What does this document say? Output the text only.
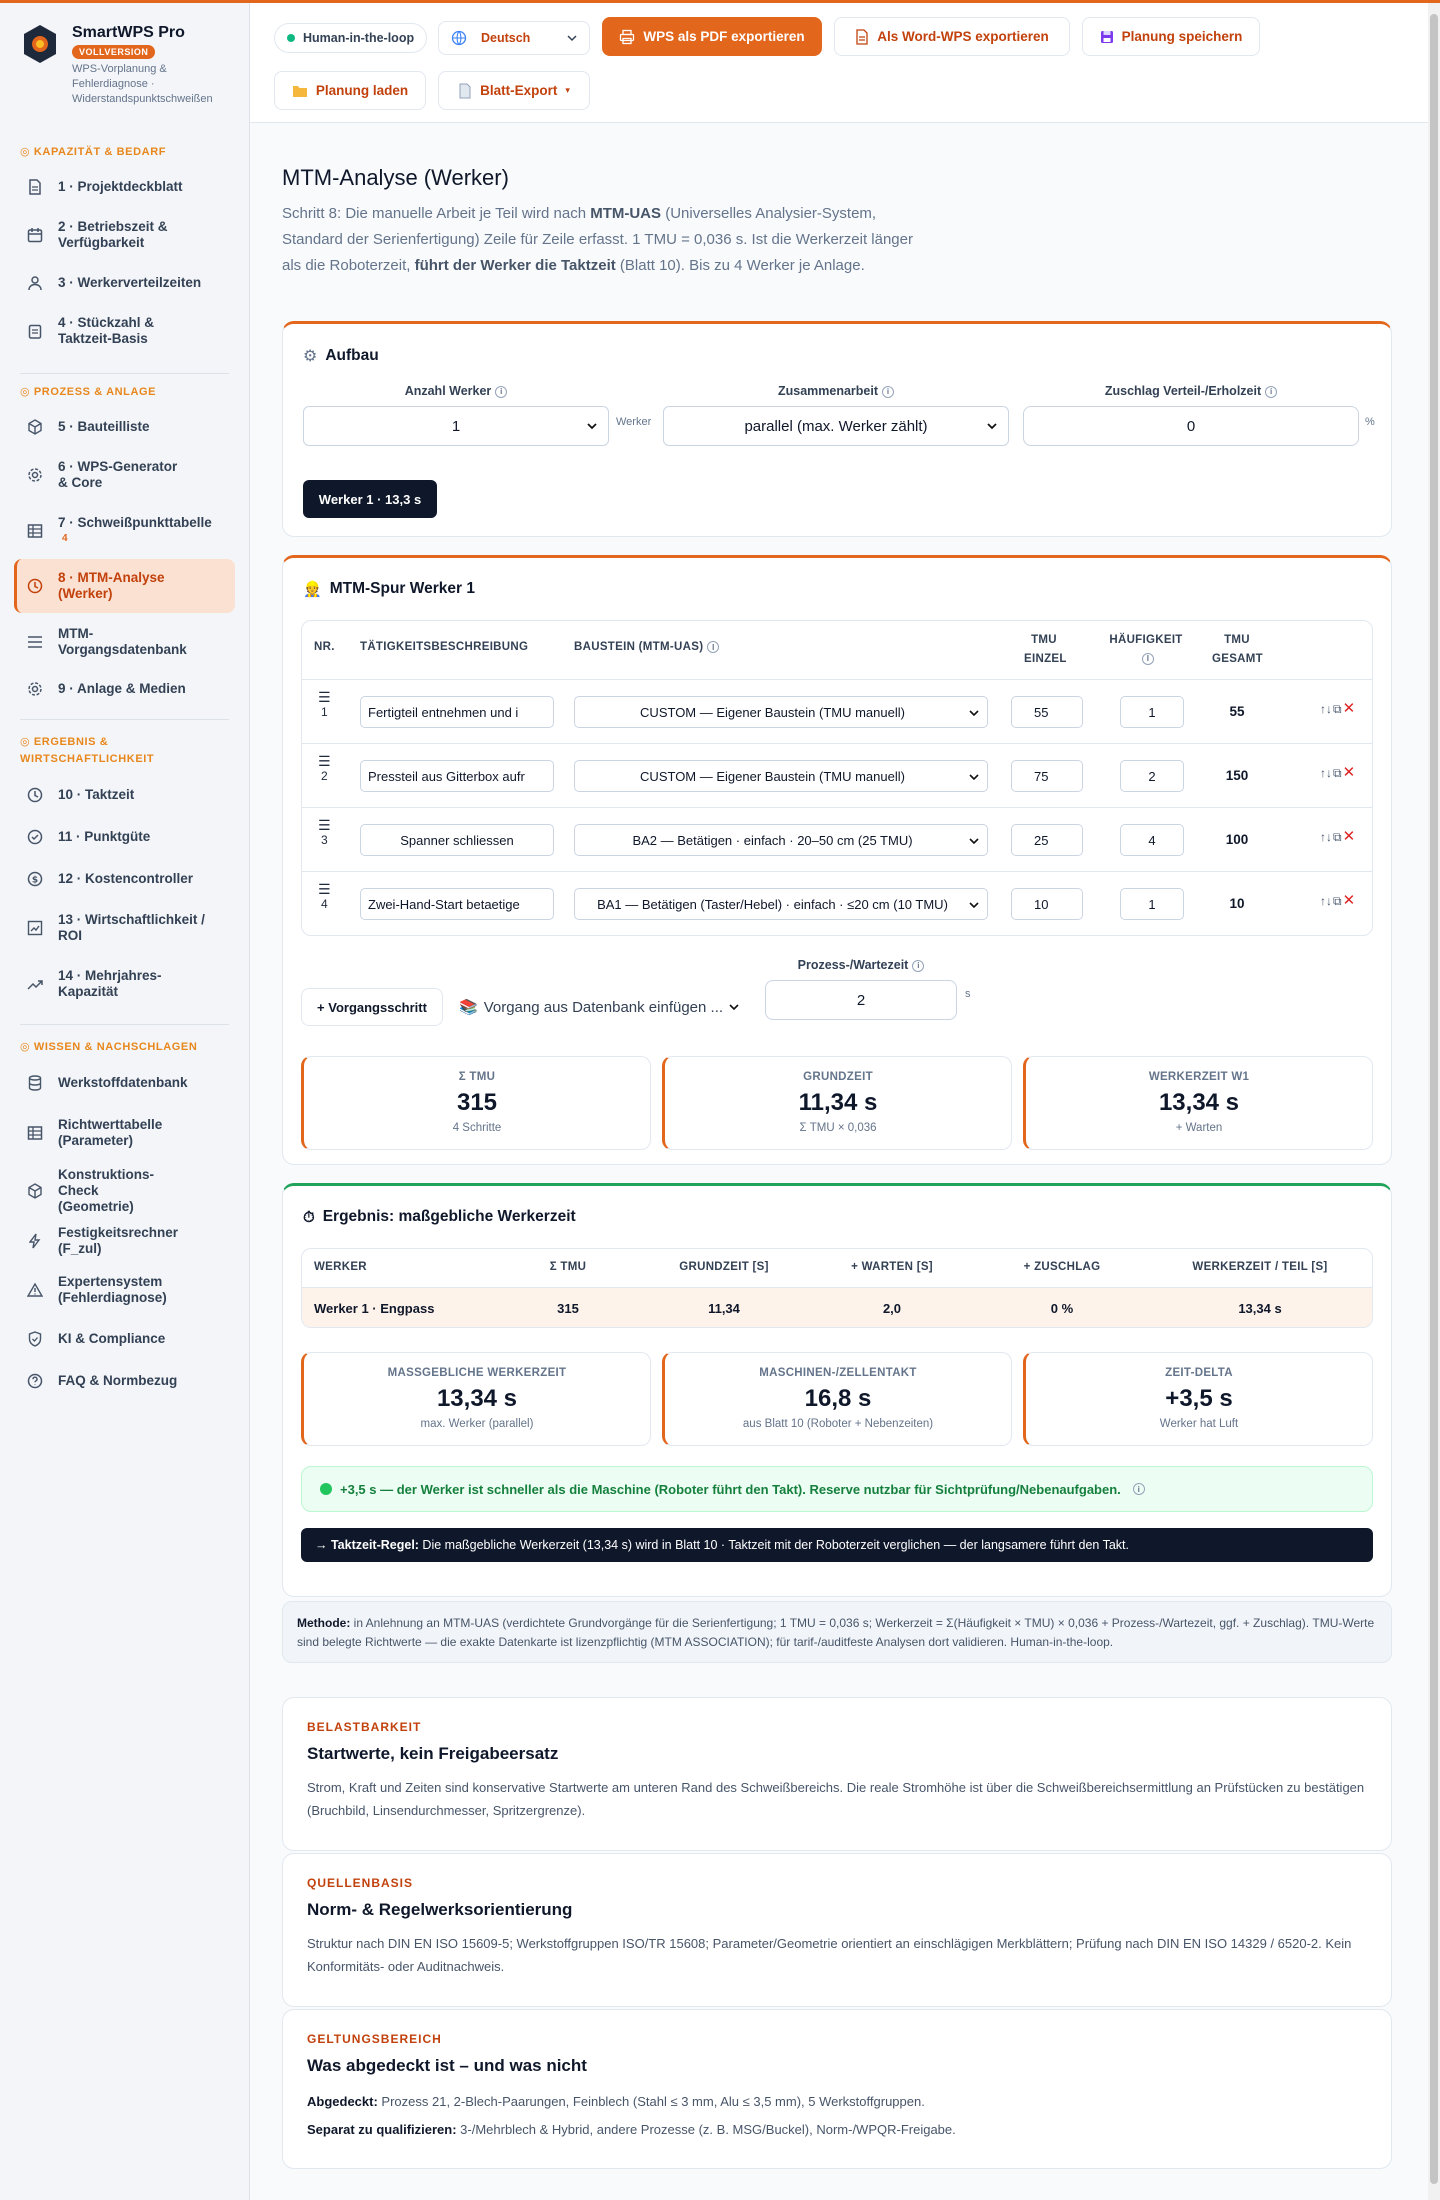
SmartWPS Pro
VOLLVERSION
WPS-Vorplanung & Fehlerdiagnose · Widerstandspunktschweißen
◎ KAPAZITÄT & BEDARF
1 · Projektdeckblatt
2 · Betriebszeit & Verfügbarkeit
3 · Werkerverteilzeiten
4 · Stückzahl & Taktzeit-Basis
◎ PROZESS & ANLAGE
5 · Bauteilliste
6 · WPS-Generator & Core
7 · Schweißpunkttabelle
4
8 · MTM-Analyse (Werker)
MTM-Vorgangsdatenbank
9 · Anlage & Medien
◎ ERGEBNIS & WIRTSCHAFTLICHKEIT
10 · Taktzeit
11 · Punktgüte
$ 12 · Kostencontroller
13 · Wirtschaftlichkeit / ROI
14 · Mehrjahres-Kapazität
◎ WISSEN & NACHSCHLAGEN
Werkstoffdatenbank
Richtwerttabelle (Parameter)
Konstruktions-Check (Geometrie)
Festigkeitsrechner (F_zul)
Expertensystem (Fehlerdiagnose)
KI & Compliance
FAQ & Normbezug
Human-in-the-loop	Deutsch	WPS als PDF exportieren	Als Word-WPS exportieren	Planung speichern
Planung laden	Blatt-Export ▾
MTM-Analyse (Werker)

Schritt 8: Die manuelle Arbeit je Teil wird nach MTM-UAS (Universelles Analysier-System, Standard der Serienfertigung) Zeile für Zeile erfasst. 1 TMU = 0,036 s. Ist die Werkerzeit länger als die Roboterzeit, führt der Werker die Taktzeit (Blatt 10). Bis zu 4 Werker je Anlage.

⚙ Aufbau
Anzahl Werker i
1	Werker
Zusammenarbeit i
parallel (max. Werker zählt)
Zuschlag Verteil-/Erholzeit i
0	%
Werker 1 · 13,3 s
👷 MTM-Spur Werker 1
NR. TÄTIGKEITSBESCHREIBUNG	BAUSTEIN (MTM-UAS) I
TMU EINZEL
HÄUFIGKEIT
I
TMU GESAMT
☰
1	Fertigteil entnehmen und i	CUSTOM — Eigener Baustein (TMU manuell)	55	1	55	↑↓ ⧉ ✕
☰
2	Pressteil aus Gitterbox aufr	CUSTOM — Eigener Baustein (TMU manuell)	75	2	150	↑↓ ⧉ ✕
☰
3	Spanner schliessen	BA2 — Betätigen · einfach · 20–50 cm (25 TMU)	25	4	100	↑↓ ⧉ ✕
☰
4	Zwei-Hand-Start betaetige	BA1 — Betätigen (Taster/Hebel) · einfach · ≤20 cm (10 TMU)	10	1	10	↑↓ ⧉ ✕
+ Vorgangsschritt	📚 Vorgang aus Datenbank einfügen ...
Prozess-/Wartezeit i
2	s
Σ TMU
315
4 Schritte
GRUNDZEIT
11,34 s
Σ TMU × 0,036
WERKERZEIT W1
13,34 s
+ Warten
⏱ Ergebnis: maßgebliche Werkerzeit
WERKER	Σ TMU	GRUNDZEIT [S]	+ WARTEN [S]	+ ZUSCHLAG	WERKERZEIT / TEIL [S]
Werker 1 · Engpass	315	11,34	2,0	0 %	13,34 s
MASSGEBLICHE WERKERZEIT
13,34 s
max. Werker (parallel)
MASCHINEN-/ZELLENTAKT
16,8 s
aus Blatt 10 (Roboter + Nebenzeiten)
ZEIT-DELTA
+3,5 s
Werker hat Luft
+3,5 s — der Werker ist schneller als die Maschine (Roboter führt den Takt). Reserve nutzbar für Sichtprüfung/Nebenaufgaben.	i
→ Taktzeit-Regel: Die maßgebliche Werkerzeit (13,34 s) wird in Blatt 10 · Taktzeit mit der Roboterzeit verglichen — der langsamere führt den Takt.
Methode: in Anlehnung an MTM-UAS (verdichtete Grundvorgänge für die Serienfertigung; 1 TMU = 0,036 s; Werkerzeit = Σ(Häufigkeit × TMU) × 0,036 + Prozess-/Wartezeit, ggf. + Zuschlag). TMU-Werte sind belegte Richtwerte — die exakte Datenkarte ist lizenzpflichtig (MTM ASSOCIATION); für tarif-/auditfeste Analysen dort validieren. Human-in-the-loop.
BELASTBARKEIT
Startwerte, kein Freigabeersatz
Strom, Kraft und Zeiten sind konservative Startwerte am unteren Rand des Schweißbereichs. Die reale Stromhöhe ist über die Schweißbereichsermittlung an Prüfstücken zu bestätigen (Bruchbild, Linsendurchmesser, Spritzergrenze).
QUELLENBASIS
Norm- & Regelwerksorientierung
Struktur nach DIN EN ISO 15609-5; Werkstoffgruppen ISO/TR 15608; Parameter/Geometrie orientiert an einschlägigen Merkblättern; Prüfung nach DIN EN ISO 14329 / 6520-2. Kein Konformitäts- oder Auditnachweis.
GELTUNGSBEREICH
Was abgedeckt ist – und was nicht
Abgedeckt: Prozess 21, 2-Blech-Paarungen, Feinblech (Stahl ≤ 3 mm, Alu ≤ 3,5 mm), 5 Werkstoffgruppen.
Separat zu qualifizieren: 3-/Mehrblech & Hybrid, andere Prozesse (z. B. MSG/Buckel), Norm-/WPQR-Freigabe.
